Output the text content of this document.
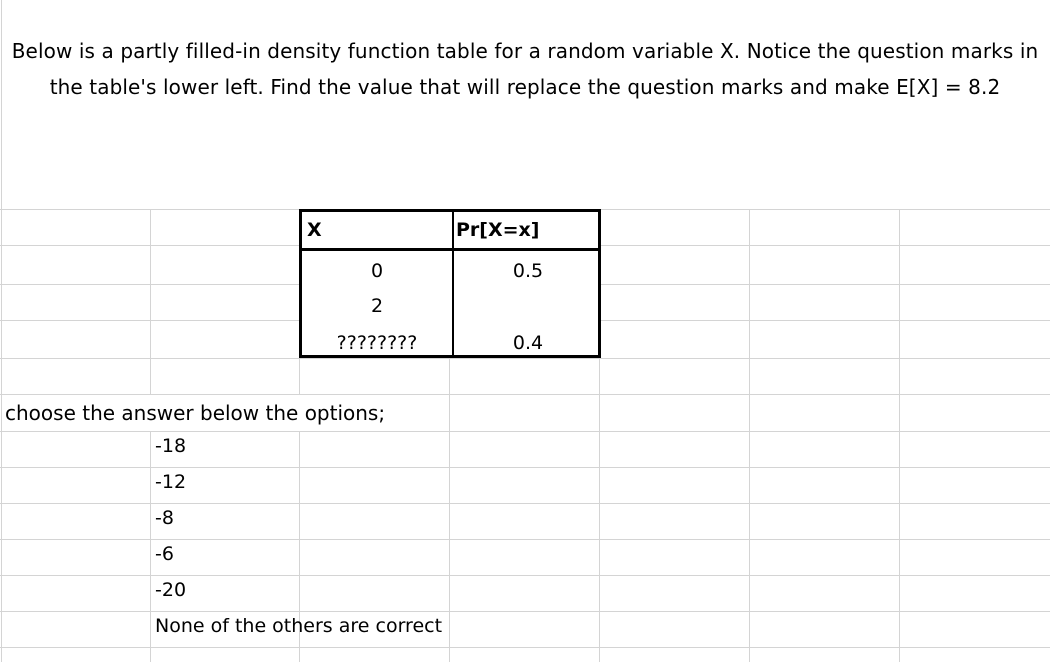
Below is a partly filled-in density function table for a random variable X. Notice the question marks in the table's lower left. Find the value that will replace the question marks and make E[X] = 8.2
X	Pr[X=x]
0	0.5
2
????????	0.4
choose the answer below the options;
-18
-12
-8
-6
-20
None of the others are correct
